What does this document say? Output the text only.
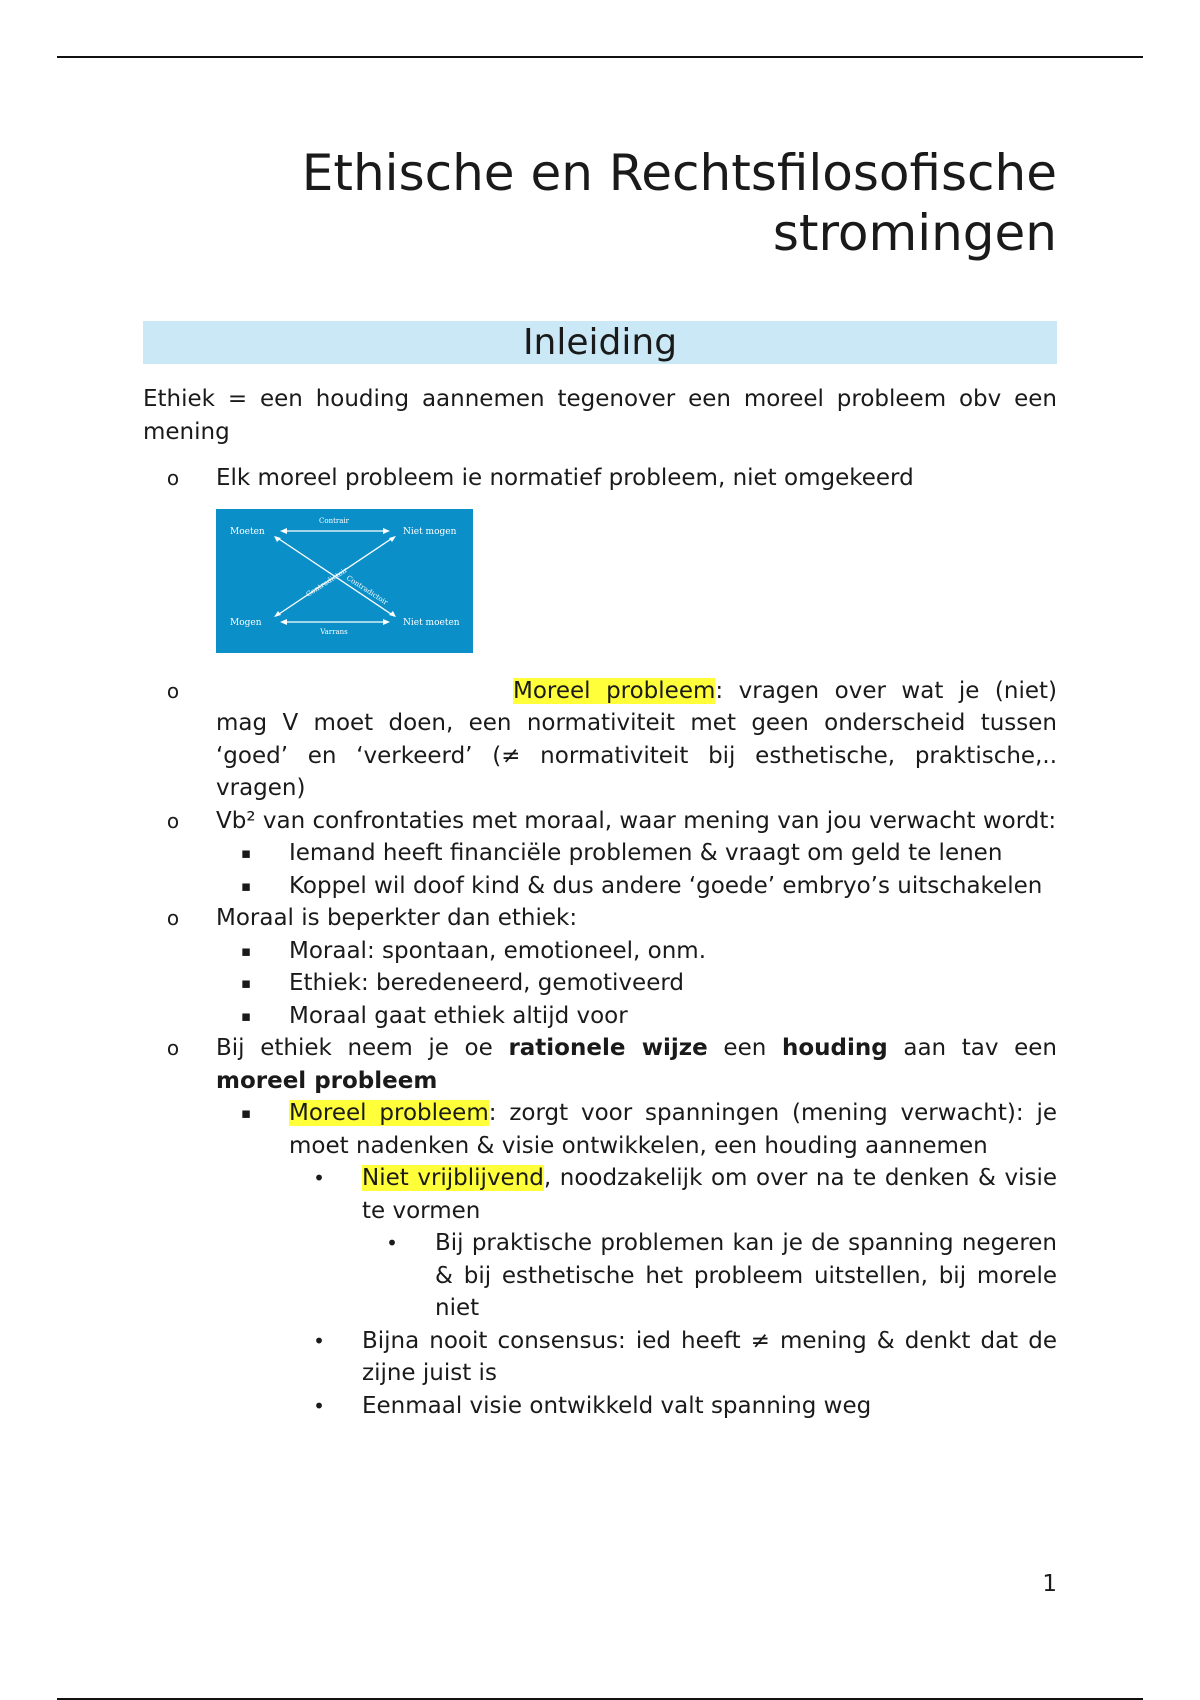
Ethische en Rechtsfilosofische
stromingen
Inleiding

Ethiek = een houding aannemen tegenover een moreel probleem obv een mening

o	Elk moreel probleem ie normatief probleem, niet omgekeerd
Moeten	Niet mogen
Mogen	Niet moeten
Contrair
Varrans
Contradictoir
Contradictoir
o	Moreel probleem: vragen over wat je (niet) mag V moet doen, een normativiteit met geen onderscheid tussen ‘goed’ en ‘verkeerd’ (≠ normativiteit bij esthetische, praktische,.. vragen)
o	Vb² van confrontaties met moraal, waar mening van jou verwacht wordt:
▪	Iemand heeft financiële problemen & vraagt om geld te lenen
▪	Koppel wil doof kind & dus andere ‘goede’ embryo’s uitschakelen
o	Moraal is beperkter dan ethiek:
▪	Moraal: spontaan, emotioneel, onm.
▪	Ethiek: beredeneerd, gemotiveerd
▪	Moraal gaat ethiek altijd voor
o	Bij ethiek neem je oe rationele wijze een houding aan tav een moreel probleem
▪	Moreel probleem: zorgt voor spanningen (mening verwacht): je moet nadenken & visie ontwikkelen, een houding aannemen
•	Niet vrijblijvend, noodzakelijk om over na te denken & visie te vormen
•	Bij praktische problemen kan je de spanning negeren & bij esthetische het probleem uitstellen, bij morele niet
•	Bijna nooit consensus: ied heeft ≠ mening & denkt dat de zijne juist is
•	Eenmaal visie ontwikkeld valt spanning weg
1
